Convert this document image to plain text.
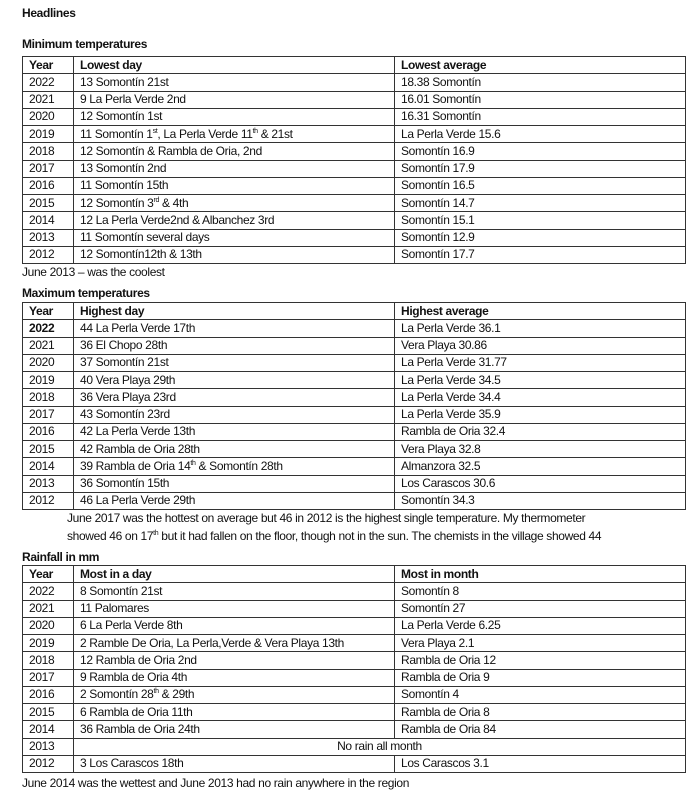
Headlines
Minimum temperatures
Year	Lowest day	Lowest average
2022	13 Somontín 21st	18.38 Somontín
2021	9 La Perla Verde 2nd	16.01 Somontín
2020	12 Somontín 1st	16.31 Somontín
2019	11 Somontín 1st, La Perla Verde 11th & 21st	La Perla Verde 15.6
2018	12 Somontín & Rambla de Oria, 2nd	Somontín 16.9
2017	13 Somontín 2nd	Somontín 17.9
2016	11 Somontín 15th	Somontín 16.5
2015	12 Somontín 3rd & 4th	Somontín 14.7
2014	12 La Perla Verde2nd & Albanchez 3rd	Somontín 15.1
2013	11 Somontín several days	Somontín 12.9
2012	12 Somontín12th & 13th	Somontín 17.7
June 2013 – was the coolest
Maximum temperatures
Year	Highest day	Highest average
2022	44 La Perla Verde 17th	La Perla Verde 36.1
2021	36 El Chopo 28th	Vera Playa 30.86
2020	37 Somontín 21st	La Perla Verde 31.77
2019	40 Vera Playa 29th	La Perla Verde 34.5
2018	36 Vera Playa 23rd	La Perla Verde 34.4
2017	43 Somontín 23rd	La Perla Verde 35.9
2016	42 La Perla Verde 13th	Rambla de Oria 32.4
2015	42 Rambla de Oria 28th	Vera Playa 32.8
2014	39 Rambla de Oria 14th & Somontín 28th	Almanzora 32.5
2013	36 Somontín 15th	Los Carascos 30.6
2012	46 La Perla Verde 29th	Somontín 34.3
June 2017 was the hottest on average but 46 in 2012 is the highest single temperature. My thermometer
showed 46 on 17th but it had fallen on the floor, though not in the sun. The chemists in the village showed 44
Rainfall in mm
Year	Most in a day	Most in month
2022	8 Somontín 21st	Somontín 8
2021	11 Palomares	Somontín 27
2020	6 La Perla Verde 8th	La Perla Verde 6.25
2019	2 Ramble De Oria, La Perla,Verde & Vera Playa 13th	Vera Playa 2.1
2018	12 Rambla de Oria 2nd	Rambla de Oria 12
2017	9 Rambla de Oria 4th	Rambla de Oria 9
2016	2 Somontín 28th & 29th	Somontín 4
2015	6 Rambla de Oria 11th	Rambla de Oria 8
2014	36 Rambla de Oria 24th	Rambla de Oria 84
2013	No rain all month	
2012	3 Los Carascos 18th	Los Carascos 3.1
June 2014 was the wettest and June 2013 had no rain anywhere in the region
